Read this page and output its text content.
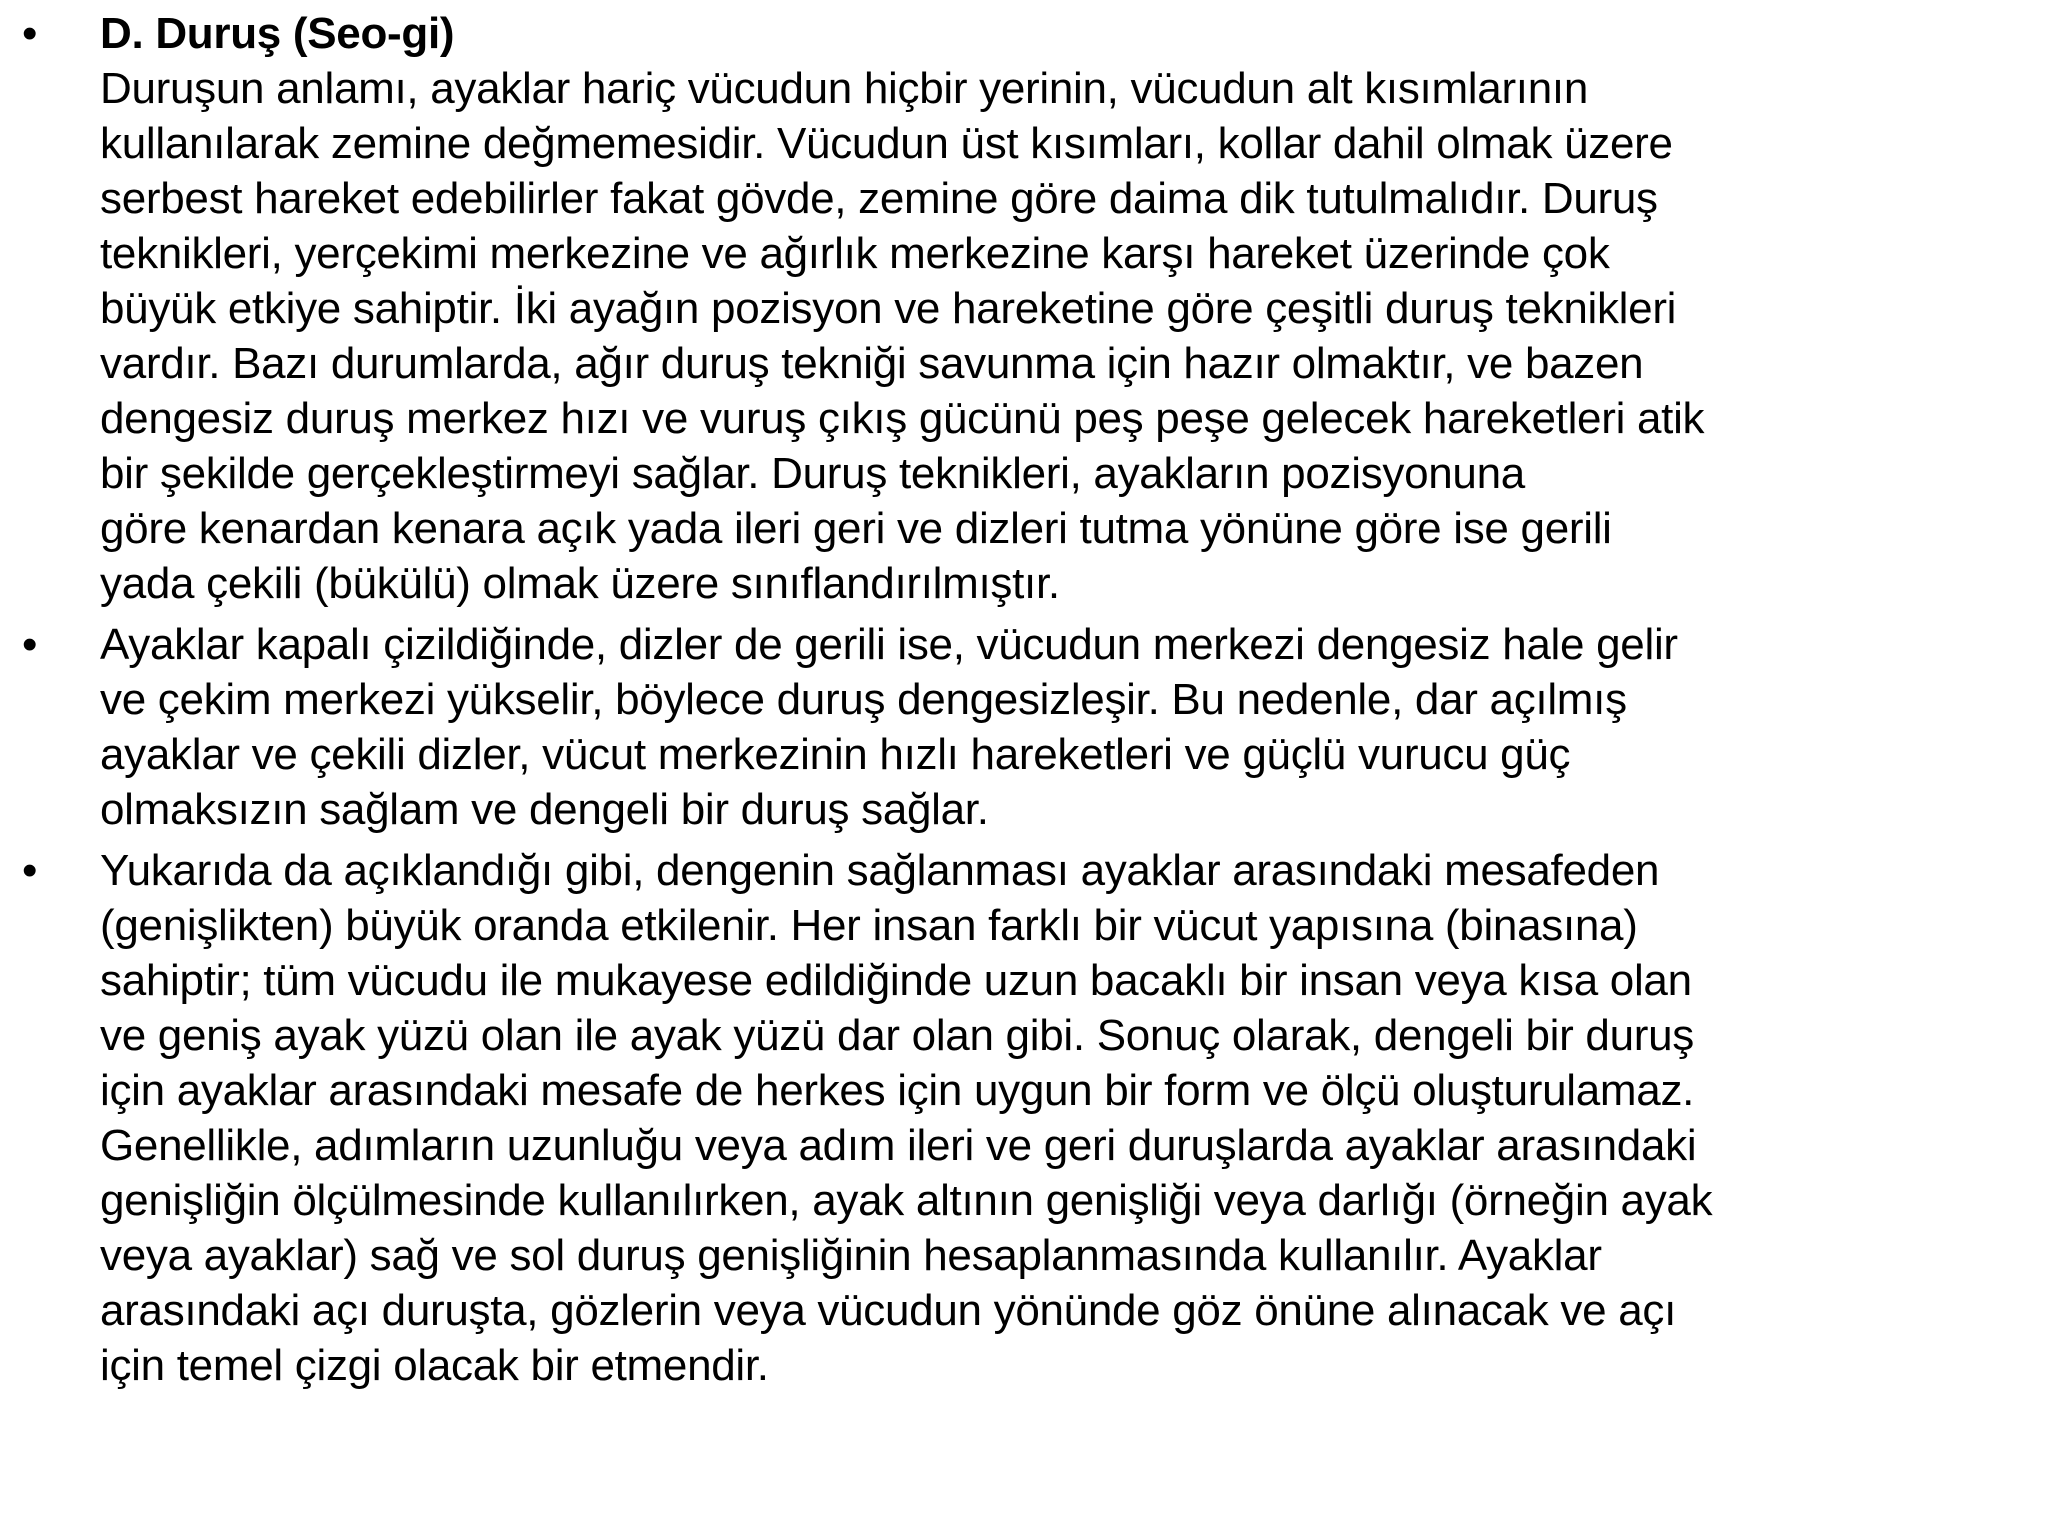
•	D. Duruş (Seo-gi)
Duruşun anlamı, ayaklar hariç vücudun hiçbir yerinin, vücudun alt kısımlarının
kullanılarak zemine değmemesidir. Vücudun üst kısımları, kollar dahil olmak üzere
serbest hareket edebilirler fakat gövde, zemine göre daima dik tutulmalıdır. Duruş
teknikleri, yerçekimi merkezine ve ağırlık merkezine karşı hareket üzerinde çok
büyük etkiye sahiptir. İki ayağın pozisyon ve hareketine göre çeşitli duruş teknikleri
vardır. Bazı durumlarda, ağır duruş tekniği savunma için hazır olmaktır, ve bazen
dengesiz duruş merkez hızı ve vuruş çıkış gücünü peş peşe gelecek hareketleri atik
bir şekilde gerçekleştirmeyi sağlar. Duruş teknikleri, ayakların pozisyonuna
göre kenardan kenara açık yada ileri geri ve dizleri tutma yönüne göre ise gerili
yada çekili (bükülü) olmak üzere sınıflandırılmıştır.
•	Ayaklar kapalı çizildiğinde, dizler de gerili ise, vücudun merkezi dengesiz hale gelir
ve çekim merkezi yükselir, böylece duruş dengesizleşir. Bu nedenle, dar açılmış
ayaklar ve çekili dizler, vücut merkezinin hızlı hareketleri ve güçlü vurucu güç
olmaksızın sağlam ve dengeli bir duruş sağlar.
•	Yukarıda da açıklandığı gibi, dengenin sağlanması ayaklar arasındaki mesafeden
(genişlikten) büyük oranda etkilenir. Her insan farklı bir vücut yapısına (binasına)
sahiptir; tüm vücudu ile mukayese edildiğinde uzun bacaklı bir insan veya kısa olan
ve geniş ayak yüzü olan ile ayak yüzü dar olan gibi. Sonuç olarak, dengeli bir duruş
için ayaklar arasındaki mesafe de herkes için uygun bir form ve ölçü oluşturulamaz.
Genellikle, adımların uzunluğu veya adım ileri ve geri duruşlarda ayaklar arasındaki
genişliğin ölçülmesinde kullanılırken, ayak altının genişliği veya darlığı (örneğin ayak
veya ayaklar) sağ ve sol duruş genişliğinin hesaplanmasında kullanılır. Ayaklar
arasındaki açı duruşta, gözlerin veya vücudun yönünde göz önüne alınacak ve açı
için temel çizgi olacak bir etmendir.
